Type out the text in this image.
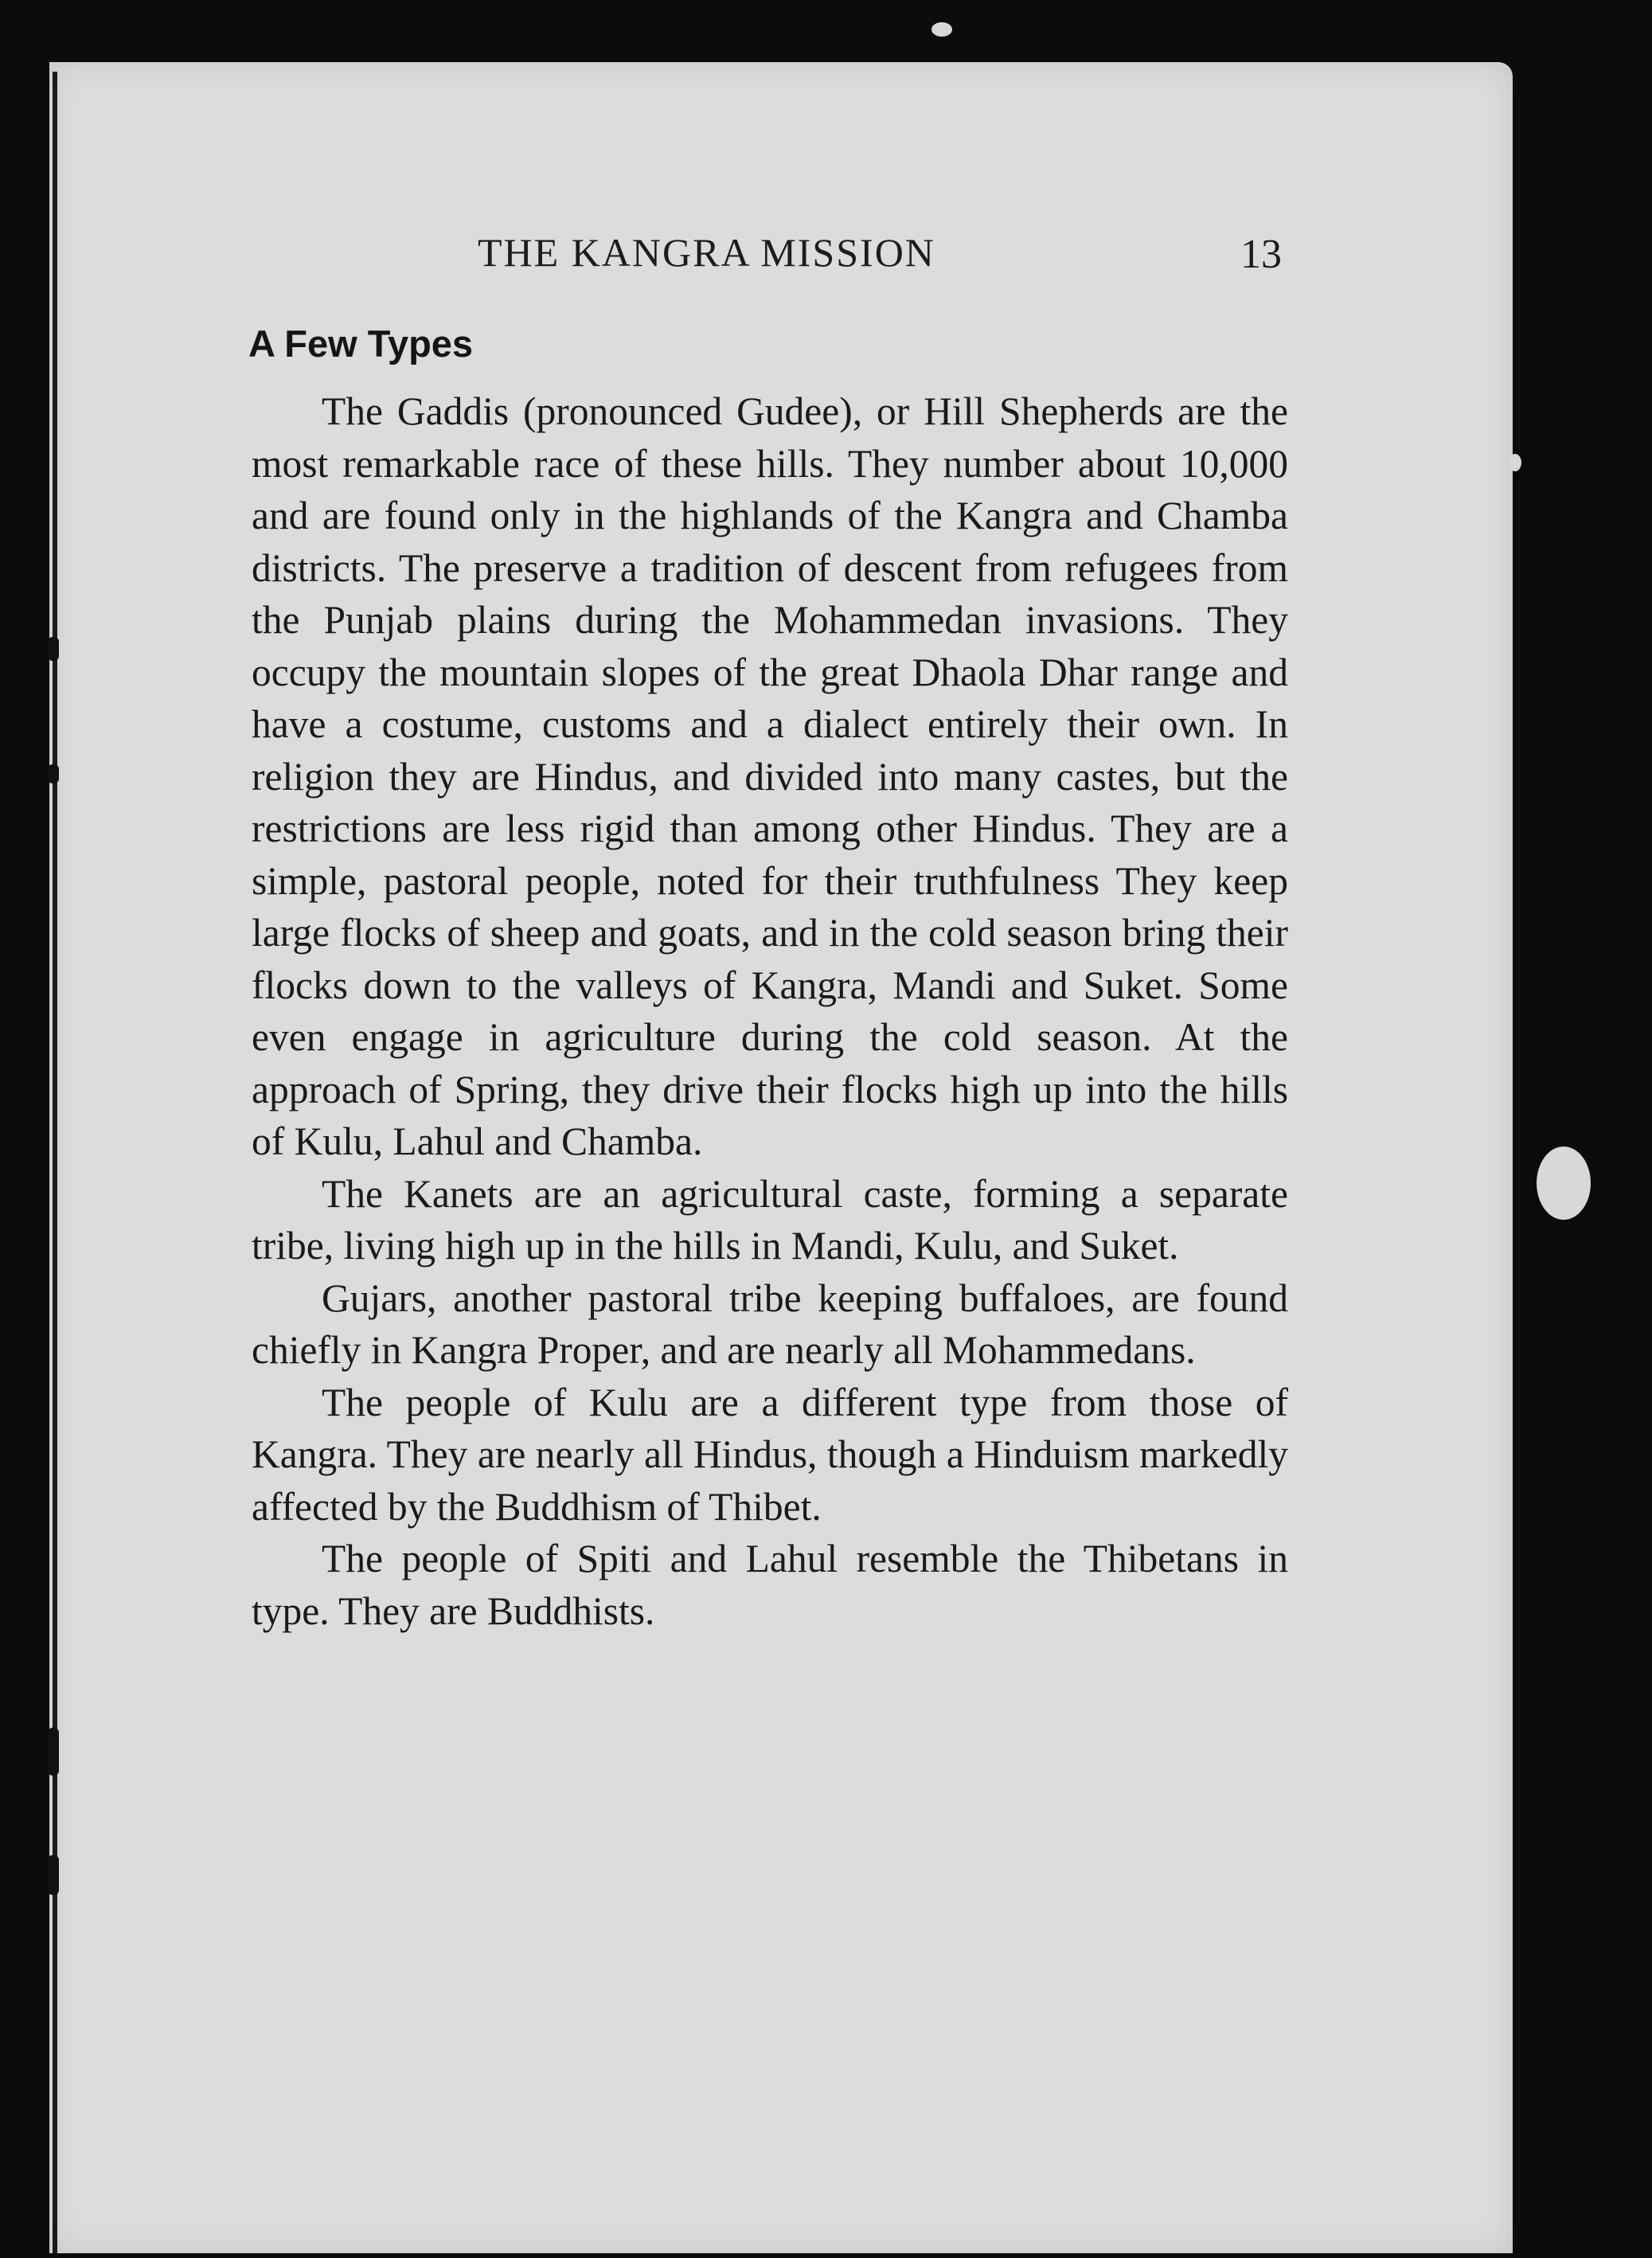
THE KANGRA MISSION	13
A Few Types

The Gaddis (pronounced Gudee), or Hill Shepherds are the most remarkable race of these hills. They number about 10,000 and are found only in the highlands of the Kangra and Chamba districts. The preserve a tradition of descent from refugees from the Punjab plains during the Mohammedan invasions. They occupy the mountain slopes of the great Dhaola Dhar range and have a costume, customs and a dialect entirely their own. In religion they are Hindus, and divided into many castes, but the restrictions are less rigid than among other Hindus. They are a simple, pastoral people, noted for their truthfulness They keep large flocks of sheep and goats, and in the cold season bring their flocks down to the valleys of Kangra, Mandi and Suket. Some even engage in agriculture during the cold season. At the approach of Spring, they drive their flocks high up into the hills of Kulu, Lahul and Chamba.

The Kanets are an agricultural caste, forming a separate tribe, living high up in the hills in Mandi, Kulu, and Suket.

Gujars, another pastoral tribe keeping buffaloes, are found chiefly in Kangra Proper, and are nearly all Mohammedans.

The people of Kulu are a different type from those of Kangra. They are nearly all Hindus, though a Hinduism markedly affected by the Buddhism of Thibet.

The people of Spiti and Lahul resemble the Thibetans in type. They are Buddhists.
